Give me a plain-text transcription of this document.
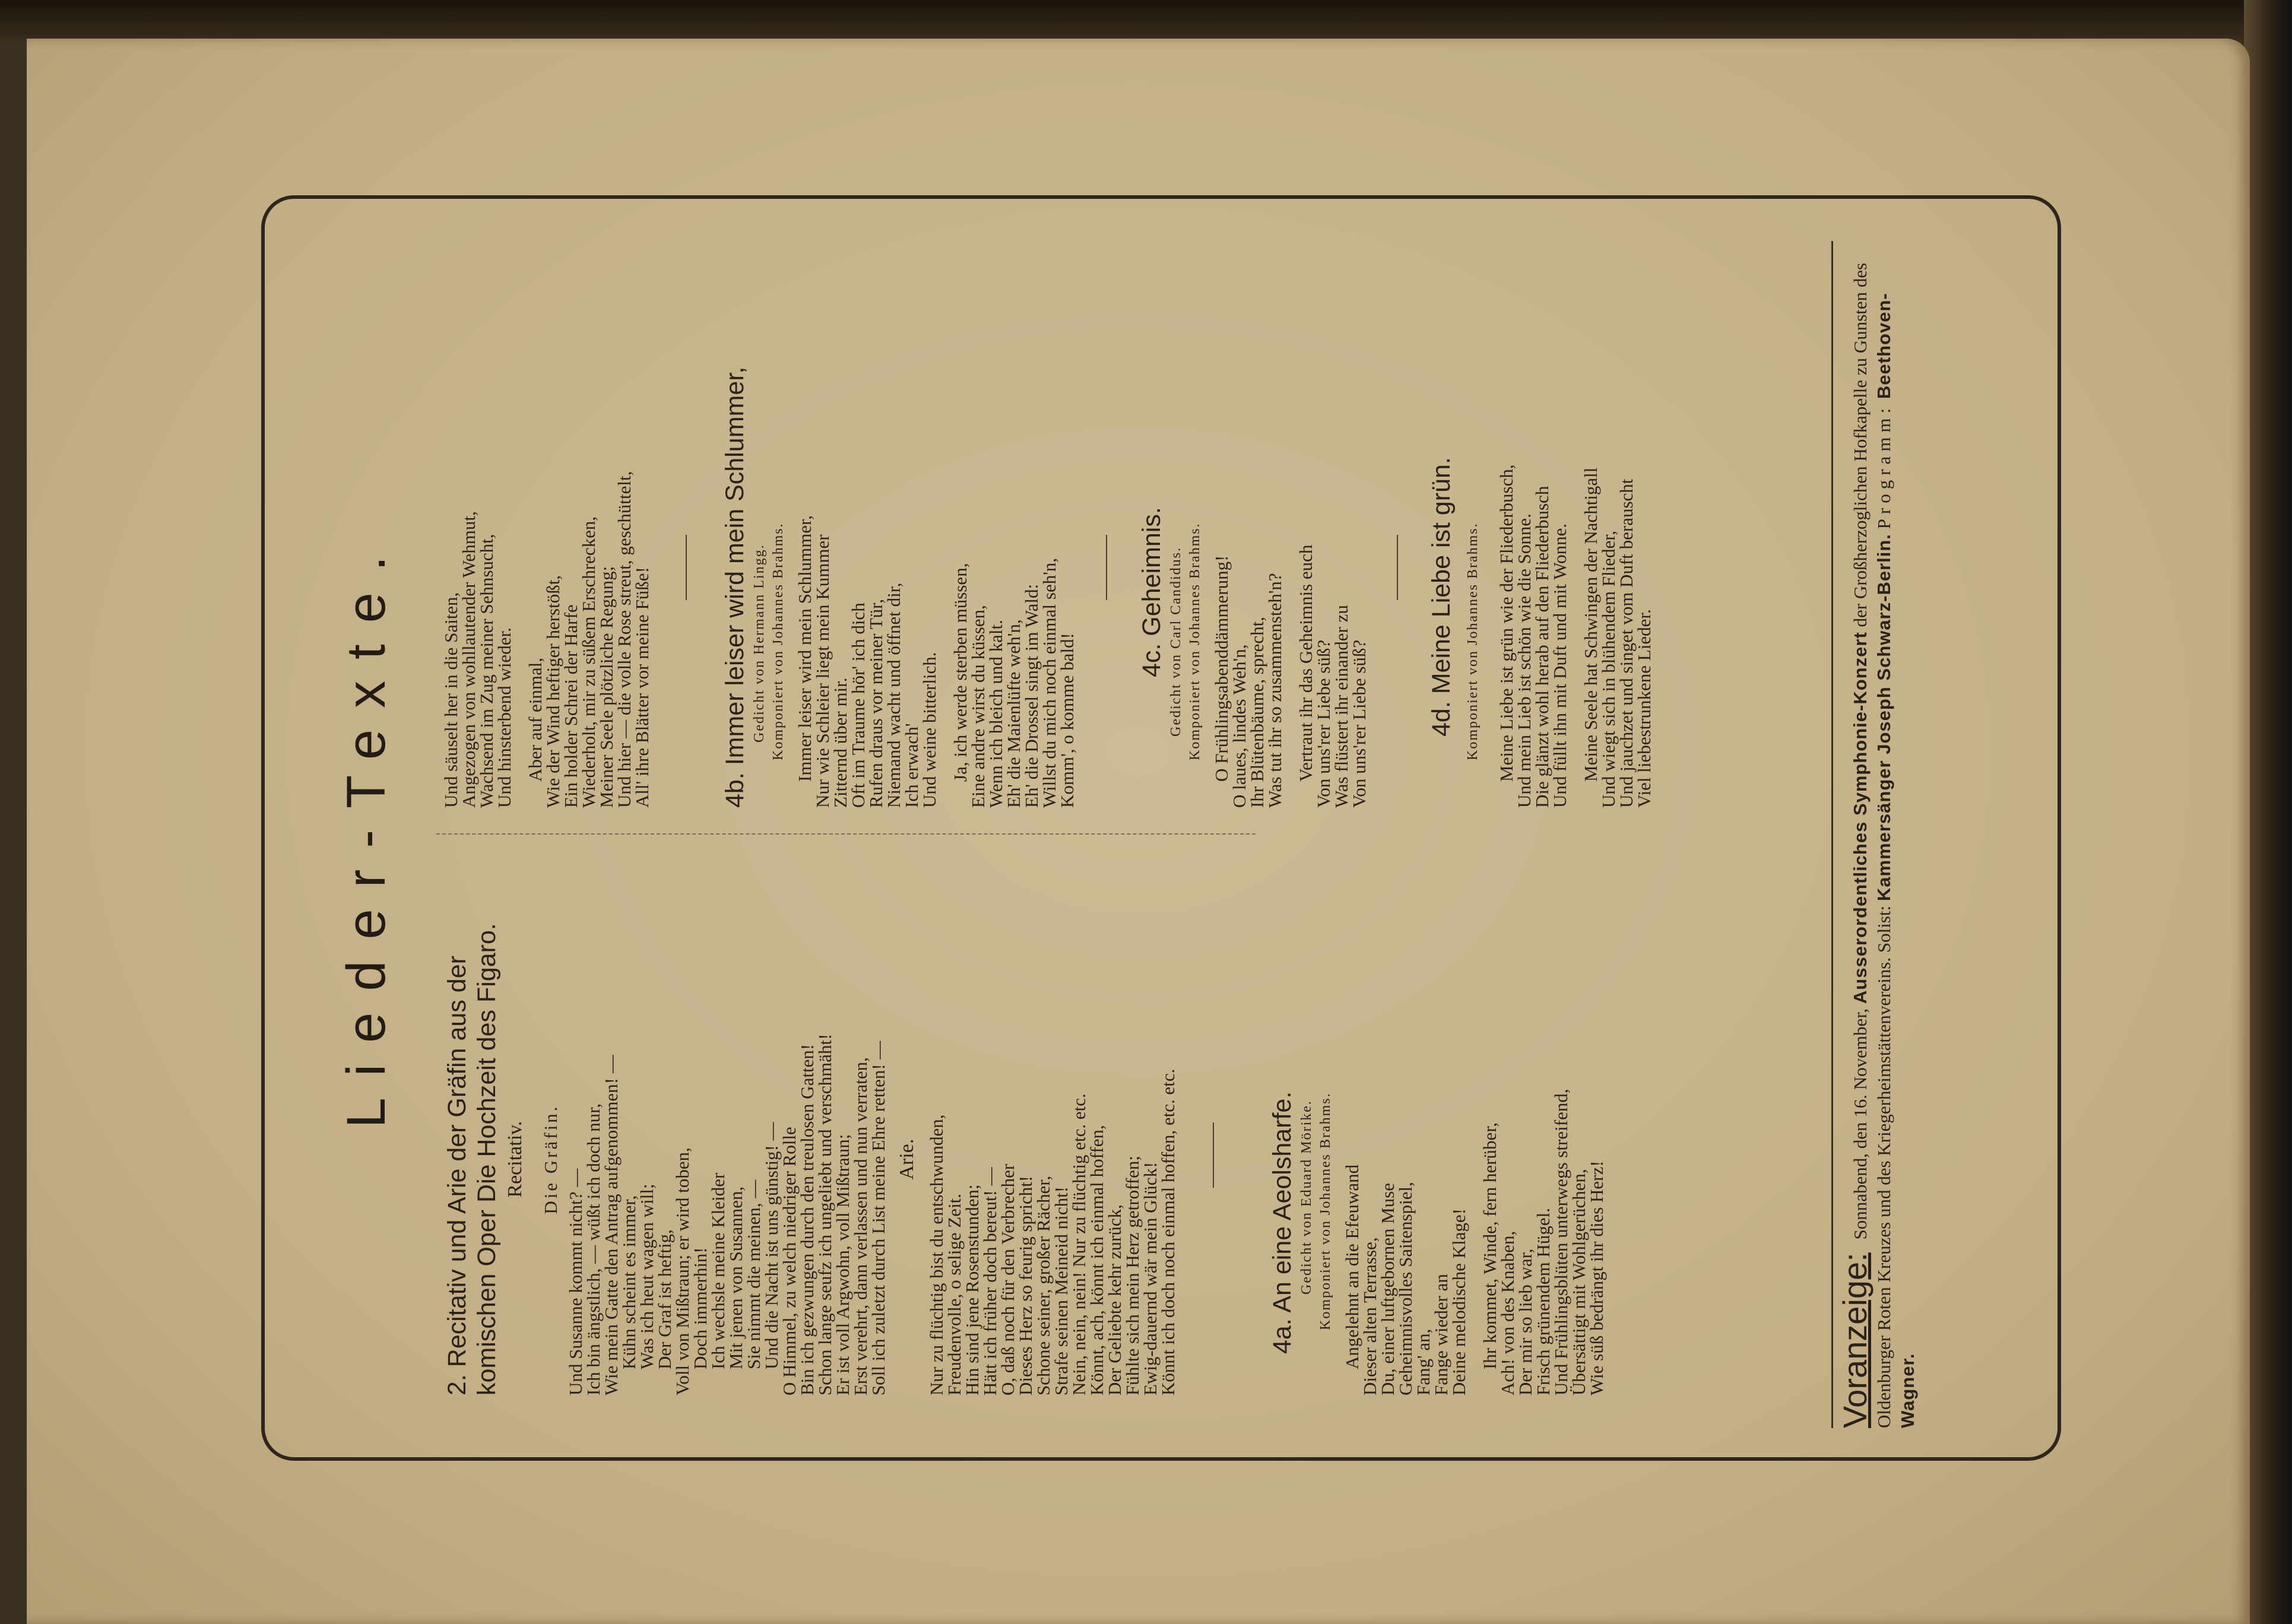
Lieder-Texte.
2. Recitativ und Arie der Gräfin aus der komischen Oper Die Hochzeit des Figaro. Recitativ. Die Gräfin.
Und Susanne kommt nicht? —
Ich bin ängstlich, — wüßt ich doch nur,
Wie mein Gatte den Antrag aufgenommen! —
Kühn scheint es immer,
Was ich heut wagen will;
Der Graf ist heftig,
Voll von Mißtraun; er wird toben,
Doch immerhin!
Ich wechsle meine Kleider
Mit jenen von Susannen,
Sie nimmt die meinen, —
Und die Nacht ist uns günstig! —
O Himmel, zu welch niedriger Rolle
Bin ich gezwungen durch den treulosen Gatten!
Schon lange seufz ich ungeliebt und verschmäht!
Er ist voll Argwohn, voll Mißtraun;
Erst verehrt, dann verlassen und nun verraten,
Soll ich zuletzt durch List meine Ehre retten! — Arie. Nur zu flüchtig bist du entschwunden,
Freudenvolle, o selige Zeit.
Hin sind jene Rosenstunden;
Hätt ich früher doch bereut! —
O, daß noch für den Verbrecher
Dieses Herz so feurig spricht!
Schone seiner, großer Rächer,
Strafe seinen Meineid nicht!
Nein, nein, nein! Nur zu flüchtig etc. etc.
Könnt, ach, könnt ich einmal hoffen,
Der Geliebte kehr zurück,
Fühlte sich mein Herz getroffen;
Ewig-dauernd wär mein Glück!
Könnt ich doch noch einmal hoffen, etc. etc.	4a. An eine Aeolsharfe. Gedicht von Eduard Mörike. Komponiert von Johannes Brahms. Angelehnt an die Efeuwand
Dieser alten Terrasse,
Du, einer luftgebornen Muse
Geheimnisvolles Saitenspiel,
Fang' an,
Fange wieder an
Deine melodische Klage! Ihr kommet, Winde, fern herüber,
Ach! von des Knaben,
Der mir so lieb war,
Frisch grünendem Hügel.
Und Frühlingsblüten unterwegs streifend,
Übersättigt mit Wohlgerüchen,
Wie süß bedrängt ihr dies Herz!
Und säuselt her in die Saiten,
Angezogen von wohllautender Wehmut,
Wachsend im Zug meiner Sehnsucht,
Und hinsterbend wieder. Aber auf einmal,
Wie der Wind heftiger herstößt,
Ein holder Schrei der Harfe
Wiederholt, mir zu süßem Erschrecken,
Meiner Seele plötzliche Regung;
Und hier — die volle Rose streut, geschüttelt,
All' ihre Blätter vor meine Füße!	4b. Immer leiser wird mein Schlummer, Gedicht von Hermann Lingg. Komponiert von Johannes Brahms. Immer leiser wird mein Schlummer,
Nur wie Schleier liegt mein Kummer
Zitternd über mir.
Oft im Traume hör' ich dich
Rufen draus vor meiner Tür,
Niemand wacht und öffnet dir,
Ich erwach'
Und weine bitterlich. Ja, ich werde sterben müssen,
Eine andre wirst du küssen,
Wenn ich bleich und kalt.
Eh' die Maienlüfte weh'n,
Eh' die Drossel singt im Wald:
Willst du mich noch einmal seh'n,
Komm', o komme bald!
4c. Geheimnis. Gedicht von Carl Candidus. Komponiert von Johannes Brahms. O Frühlingsabenddämmerung!
O laues, lindes Weh'n,
Ihr Blütenbäume, sprecht,
Was tut ihr so zusammensteh'n? Vertraut ihr das Geheimnis euch
Von uns'rer Liebe süß?
Was flüstert ihr einander zu
Von uns'rer Liebe süß? 4d. Meine Liebe ist grün. Komponiert von Johannes Brahms. Meine Liebe ist grün wie der Fliederbusch,
Und mein Lieb ist schön wie die Sonne.
Die glänzt wohl herab auf den Fliederbusch
Und füllt ihn mit Duft und mit Wonne. Meine Seele hat Schwingen der Nachtigall
Und wiegt sich in blühendem Flieder,
Und jauchzet und singet vom Duft berauscht
Viel liebestrunkene Lieder.
Voranzeige: Sonnabend, den 16. November, Ausserordentliches Symphonie-Konzert der Großherzoglichen Hofkapelle zu Gunsten des Oldenburger Roten Kreuzes und des Kriegerheimstättenvereins. Solist: Kammersänger Joseph Schwarz-Berlin. Programm: Beethoven-Wagner.
